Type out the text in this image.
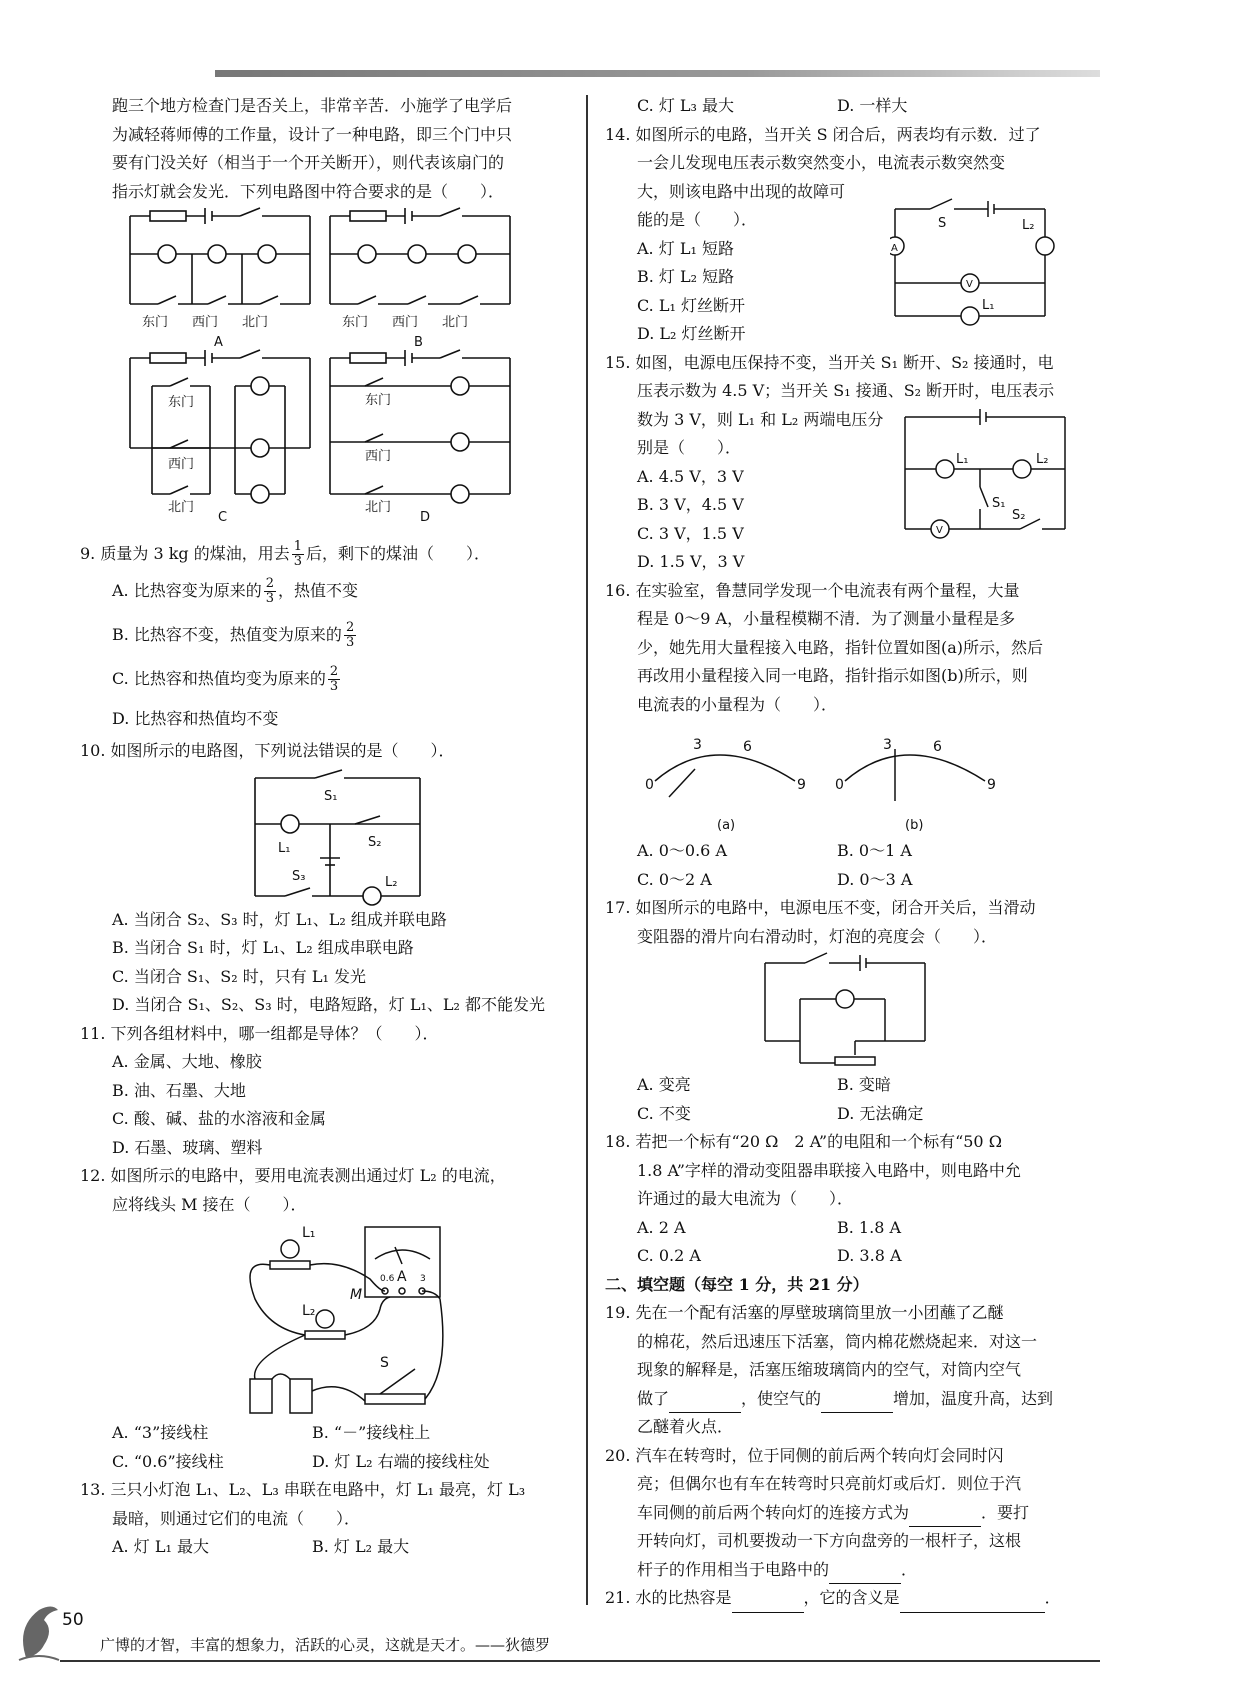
跑三个地方检查门是否关上，非常辛苦．小施学了电学后

为减轻蒋师傅的工作量，设计了一种电路，即三个门中只

要有门没关好（相当于一个开关断开），则代表该扇门的

指示灯就会发光．下列电路图中符合要求的是（　　）．

东门 西门 北门
A
东门 西门 北门
B
东门
西门
北门
东门
西门
北门
C	D

9. 质量为 3 kg 的煤油，用去 $\frac{1}{3}$ 后，剩下的煤油（　　）．

A. 比热容变为原来的 $\frac{2}{3}$ ，热值不变

B. 比热容不变，热值变为原来的 $\frac{2}{3}$

C. 比热容和热值均变为原来的 $\frac{2}{3}$

D. 比热容和热值均不变

10. 如图所示的电路图，下列说法错误的是（　　）．

S₁
L₁	S₂
S₃	L₂

A. 当闭合 S₂、S₃ 时，灯 L₁、L₂ 组成并联电路

B. 当闭合 S₁ 时，灯 L₁、L₂ 组成串联电路

C. 当闭合 S₁、S₂ 时，只有 L₁ 发光

D. 当闭合 S₁、S₂、S₃ 时，电路短路，灯 L₁、L₂ 都不能发光

11. 下列各组材料中，哪一组都是导体？（　　）．

A. 金属、大地、橡胶

B. 油、石墨、大地

C. 酸、碱、盐的水溶液和金属

D. 石墨、玻璃、塑料

12. 如图所示的电路中，要用电流表测出通过灯 L₂ 的电流，

应将线头 M 接在（　　）．

L₁
A
0.6	3
M
L₂
S
A. “3”接线柱	B. “－”接线柱上
C. “0.6”接线柱	D. 灯 L₂ 右端的接线柱处

13. 三只小灯泡 L₁、L₂、L₃ 串联在电路中，灯 L₁ 最亮，灯 L₃

最暗，则通过它们的电流（　　）．

A. 灯 L₁ 最大	B. 灯 L₂ 最大
C. 灯 L₃ 最大	D. 一样大

14. 如图所示的电路，当开关 S 闭合后，两表均有示数．过了

一会儿发现电压表示数突然变小，电流表示数突然变

大，则该电路中出现的故障可

能的是（　　）．

A. 灯 L₁ 短路

B. 灯 L₂ 短路

C. L₁ 灯丝断开

D. L₂ 灯丝断开

S
A
L₂
V
L₁

15. 如图，电源电压保持不变，当开关 S₁ 断开、S₂ 接通时，电

压表示数为 4.5 V；当开关 S₁ 接通、S₂ 断开时，电压表示

数为 3 V，则 L₁ 和 L₂ 两端电压分

别是（　　）．

A. 4.5 V，3 V

B. 3 V，4.5 V

C. 3 V，1.5 V

D. 1.5 V，3 V

L₁	L₂
S₁
S₂
V

16. 在实验室，鲁慧同学发现一个电流表有两个量程，大量

程是 0～9 A，小量程模糊不清．为了测量小量程是多

少，她先用大量程接入电路，指针位置如图(a)所示，然后

再改用小量程接入同一电路，指针指示如图(b)所示，则

电流表的小量程为（　　）．

0
3	6
9 0
3	6
9
(a)	(b)
A. 0～0.6 A	B. 0～1 A
C. 0～2 A	D. 0～3 A

17. 如图所示的电路中，电源电压不变，闭合开关后，当滑动

变阻器的滑片向右滑动时，灯泡的亮度会（　　）．

A. 变亮	B. 变暗
C. 不变	D. 无法确定

18. 若把一个标有“20 Ω　2 A”的电阻和一个标有“50 Ω

1.8 A”字样的滑动变阻器串联接入电路中，则电路中允

许通过的最大电流为（　　）．

A. 2 A	B. 1.8 A
C. 0.2 A	D. 3.8 A

二、填空题（每空 1 分，共 21 分）

19. 先在一个配有活塞的厚壁玻璃筒里放一小团蘸了乙醚

的棉花，然后迅速压下活塞，筒内棉花燃烧起来．对这一

现象的解释是，活塞压缩玻璃筒内的空气，对筒内空气

做了	，使空气的	增加，温度升高，达到

乙醚着火点．

20. 汽车在转弯时，位于同侧的前后两个转向灯会同时闪

亮；但偶尔也有车在转弯时只亮前灯或后灯．则位于汽

车同侧的前后两个转向灯的连接方式为	．要打

开转向灯，司机要拨动一下方向盘旁的一根杆子，这根

杆子的作用相当于电路中的	．

21. 水的比热容是	，它的含义是	．

50
广博的才智，丰富的想象力，活跃的心灵，这就是天才。——狄德罗
